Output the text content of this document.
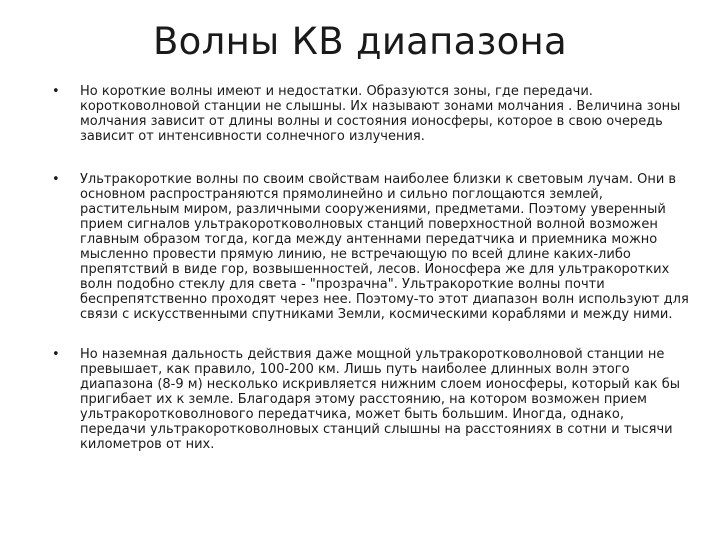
Волны КВ диапазона
•	Но короткие волны имеют и недостатки. Образуются зоны, где передачи. коротковолновой станции не слышны. Их называют зонами молчания . Величина зоны молчания зависит от длины волны и состояния ионосферы, которое в свою очередь зависит от интенсивности солнечного излучения.
•	Ультракороткие волны по своим свойствам наиболее близки к световым лучам. Они в основном распространяются прямолинейно и сильно поглощаются землей, растительным миром, различными сооружениями, предметами. Поэтому уверенный прием сигналов ультракоротковолновых станций поверхностной волной возможен главным образом тогда, когда между антеннами передатчика и приемника можно мысленно провести прямую линию, не встречающую по всей длине каких-либо препятствий в виде гор, возвышенностей, лесов. Ионосфера же для ультракоротких волн подобно стеклу для света - "прозрачна". Ультракороткие волны почти беспрепятственно проходят через нее. Поэтому-то этот диапазон волн используют для связи с искусственными спутниками Земли, космическими кораблями и между ними.
•	Но наземная дальность действия даже мощной ультракоротковолновой станции не превышает, как правило, 100-200 км. Лишь путь наиболее длинных волн этого диапазона (8-9 м) несколько искривляется нижним слоем ионосферы, который как бы пригибает их к земле. Благодаря этому расстоянию, на котором возможен прием ультракоротковолнового передатчика, может быть большим. Иногда, однако, передачи ультракоротковолновых станций слышны на расстояниях в сотни и тысячи километров от них.
